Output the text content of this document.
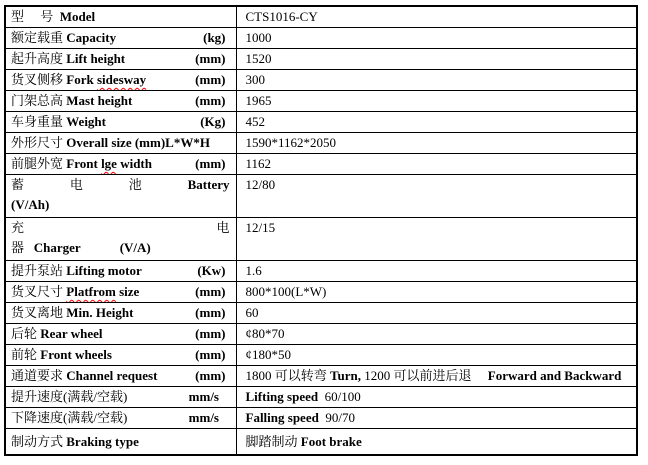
型　 号 Model	CTS1016-CY

额定载重 Capacity (kg)	1000

起升高度 Lift height (mm)	1520

货叉侧移 Fork sidesway (mm)	300

门架总高 Mast height (mm)	1965

车身重量 Weight (Kg)	452

外形尺寸 Overall size (mm)L*W*H	1590*1162*2050

前腿外宽 Front lge width (mm)	1162

蓄 电 池 Battery
(V/Ah)	12/80

充 电
器 Charger
(V/A)	12/15

提升泵站 Lifting motor (Kw)	1.6

货叉尺寸 Platfrom size (mm)	800*100(L*W)

货叉离地 Min. Height (mm)	60

后轮 Rear wheel (mm)	¢80*70

前轮 Front wheels (mm)	¢180*50

通道要求 Channel request (mm)	1800 可以转弯 Turn, 1200 可以前进后退　 Forward and Backward

提升速度(满载/空载) mm/s	Lifting speed  60/100

下降速度(满载/空载) mm/s	Falling speed  90/70

制动方式 Braking type	脚踏制动 Foot brake
